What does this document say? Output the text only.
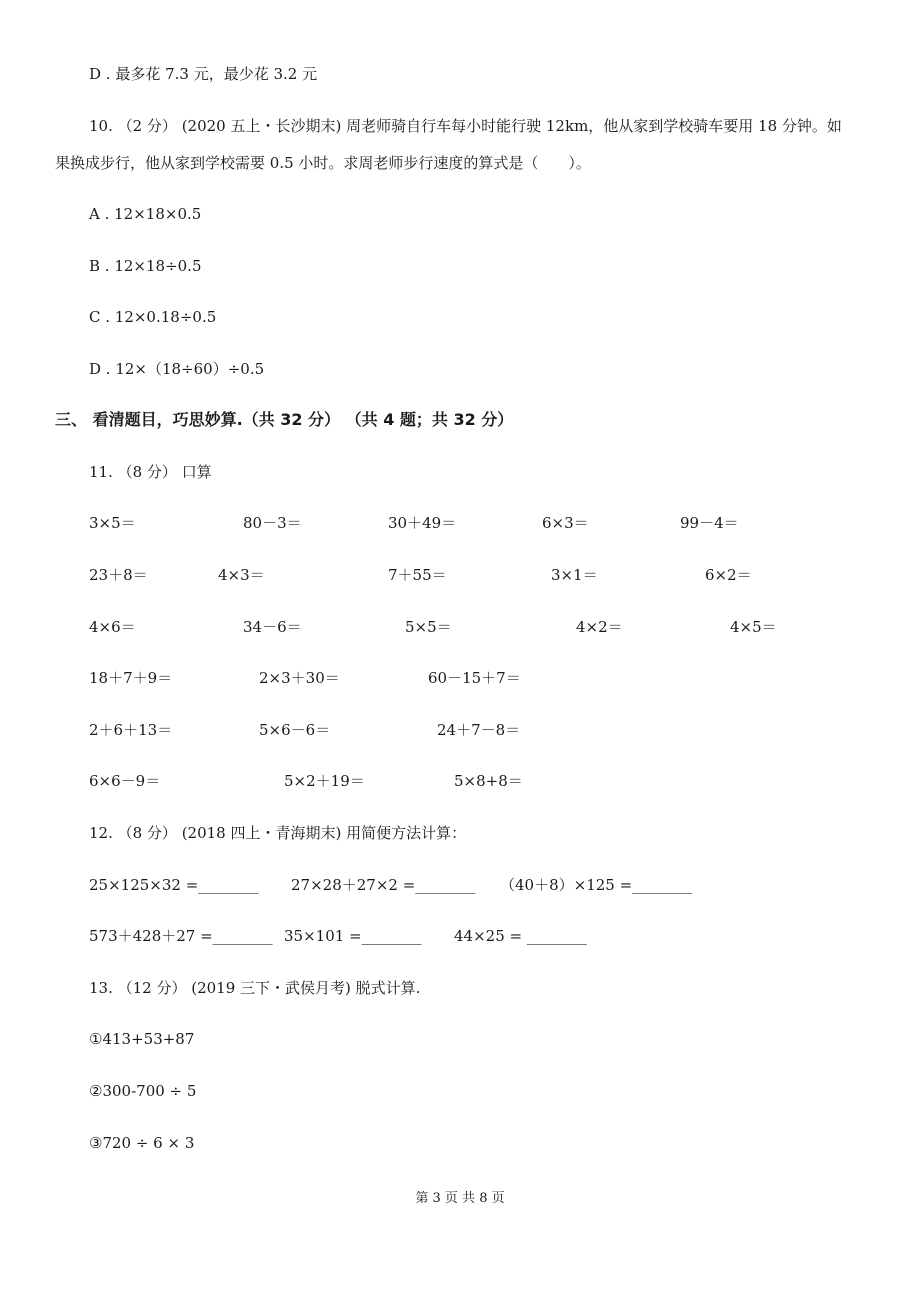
D . 最多花 7.3 元，最少花 3.2 元
10. （2 分） (2020 五上・长沙期末) 周老师骑自行车每小时能行驶 12km，他从家到学校骑车要用 18 分钟。如
果换成步行，他从家到学校需要 0.5 小时。求周老师步行速度的算式是（　　）。
A . 12×18×0.5
B . 12×18÷0.5
C . 12×0.18÷0.5
D . 12×（18÷60）÷0.5
三、 看清题目，巧思妙算.（共 32 分） （共 4 题；共 32 分）
11. （8 分） 口算
3×5＝	80－3＝	30＋49＝	6×3＝	99－4＝
23＋8＝	4×3＝	7＋55＝	3×1＝	6×2＝
4×6＝	34－6＝	5×5＝	4×2＝	4×5＝
18＋7＋9＝	2×3＋30＝	60－15＋7＝
2＋6＋13＝	5×6－6＝	24＋7－8＝
6×6－9＝	5×2＋19＝	5×8+8＝
12. （8 分） (2018 四上・青海期末) 用简便方法计算：
25×125×32 =________ 27×28＋27×2 =________ （40＋8）×125 =________
573＋428＋27 =________ 35×101 =________ 44×25 = ________
13. （12 分） (2019 三下・武侯月考) 脱式计算.
①413+53+87
②300-700 ÷ 5
③720 ÷ 6 × 3
第 3 页 共 8 页
